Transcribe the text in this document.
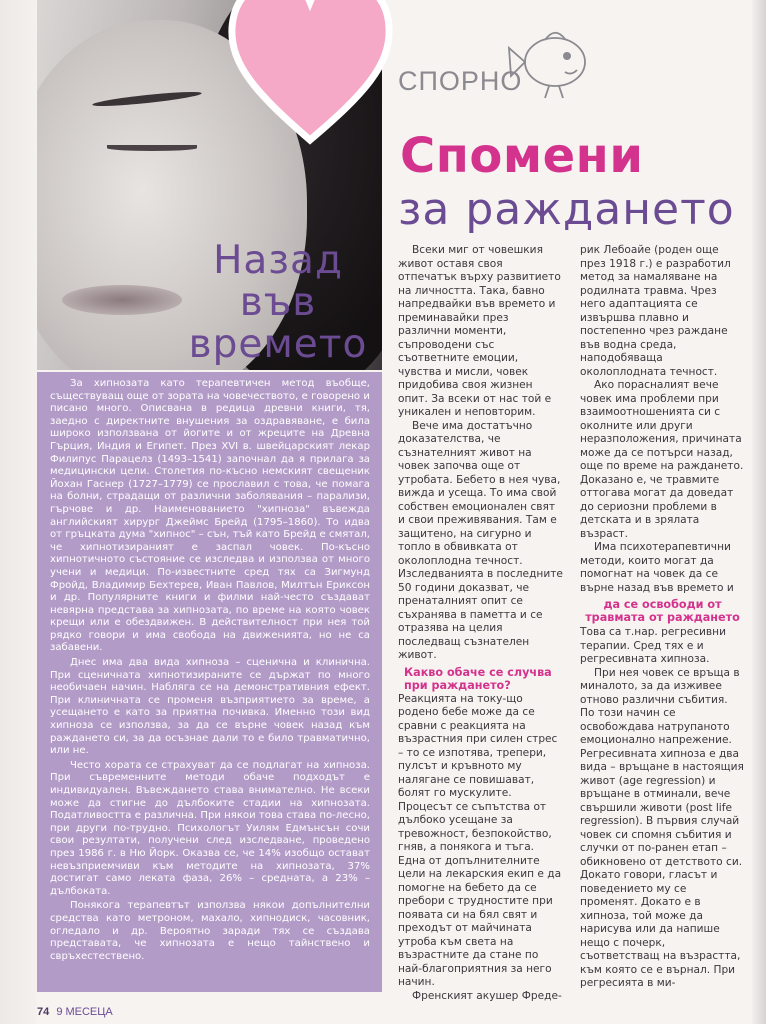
СПОРНО
Спомени
за раждането
Назад
във
времето

За хипнозата като терапевтичен метод въобще, съществуващ още от зората на човечеството, е говорено и писано много. Описвана в редица древни книги, тя, заедно с директните внушения за оздравяване, е била широко използвана от йогите и от жреците на Древна Гърция, Индия и Египет. През XVI в. швейцарският лекар Филипус Парацелз (1493–1541) започнал да я прилага за медицински цели. Столетия по-късно немският свещеник Йохан Гаснер (1727–1779) се прославил с това, че помага на болни, страдащи от различни заболявания – парализи, гърчове и др. Наименованието "хипноза" въвежда английският хирург Джеймс Брейд (1795–1860). То идва от гръцката дума "хипнос" – сън, тъй като Брейд е смятал, че хипнотизираният е заспал човек. По-късно хипнотичното състояние се изследва и използва от много учени и медици. По-известните сред тях са Зигмунд Фройд, Владимир Бехтерев, Иван Павлов, Милтън Ериксон и др. Популярните книги и филми най-често създават невярна представа за хипнозата, по време на която човек крещи или е обездвижен. В действителност при нея той рядко говори и има свобода на движенията, но не са забавени.

Днес има два вида хипноза – сценична и клинична. При сценичната хипнотизираните се държат по много необичаен начин. Набляга се на демонстративния ефект. При клиничната се променя възприятието за време, а усещането е като за приятна почивка. Именно този вид хипноза се използва, за да се върне човек назад към раждането си, за да осъзнае дали то е било травматично, или не.

Често хората се страхуват да се подлагат на хипноза. При съвременните методи обаче подходът е индивидуален. Въвеждането става внимателно. Не всеки може да стигне до дълбоките стадии на хипнозата. Податливостта е различна. При някои това става по-лесно, при други по-трудно. Психологът Уилям Едмънсън сочи свои резултати, получени след изследване, проведено през 1986 г. в Ню Йорк. Оказва се, че 14% изобщо остават невъзприемчиви към методите на хипнозата, 37% достигат само леката фаза, 26% – средната, а 23% – дълбоката.

Понякога терапевтът използва някои допълнителни средства като метроном, махало, хипнодиск, часовник, огледало и др. Вероятно заради тях се създава представата, че хипнозата е нещо тайнствено и свръхестествено.

Всеки миг от човешкия живот оставя своя отпечатък върху развитието на личността. Така, бавно напредвайки във времето и преминавайки през различни моменти, съпроводени със съответните емоции, чувства и мисли, човек придобива своя жизнен опит. За всеки от нас той е уникален и неповторим.

Вече има достатъчно доказателства, че съзнателният живот на човек започва още от утробата. Бебето в нея чува, вижда и усеща. То има свой собствен емоционален свят и свои преживявания. Там е защитено, на сигурно и топло в обвивката от околоплодна течност. Изследванията в последните 50 години доказват, че пренаталният опит се съхранява в паметта и се отразява на целия последващ съзнателен живот.

Какво обаче се случва при раждането?

Реакцията на току-що родено бебе може да се сравни с реакцията на възрастния при силен стрес – то се изпотява, трепери, пулсът и кръвното му налягане се повишават, болят го мускулите. Процесът се съпътства от дълбоко усещане за тревожност, безпокойство, гняв, а понякога и тъга. Една от допълнителните цели на лекарския екип е да помогне на бебето да се пребори с трудностите при появата си на бял свят и преходът от майчината утроба към света на възрастните да стане по най-благоприятния за него начин.

Френският акушер Фреде-

рик Лебоайе (роден още през 1918 г.) е разработил метод за намаляване на родилната травма. Чрез него адаптацията се извършва плавно и постепенно чрез раждане във водна среда, наподобяваща околоплодната течност.

Ако порасналият вече човек има проблеми при взаимоотношенията си с околните или други неразположения, причината може да се потърси назад, още по време на раждането. Доказано е, че травмите оттогава могат да доведат до сериозни проблеми в детската и в зрялата възраст.

Има психотерапевтични методи, които могат да помогнат на човек да се върне назад във времето и

да се освободи от травмата от раждането

Това са т.нар. регресивни терапии. Сред тях е и регресивната хипноза.

При нея човек се връща в миналото, за да изживее отново различни събития. По този начин се освобождава натрупаното емоционално напрежение. Регресивната хипноза е два вида – връщане в настоящия живот (age regression) и връщане в отминали, вече свършили животи (post life regression). В първия случай човек си спомня събития и случки от по-ранен етап – обикновено от детството си. Докато говори, гласът и поведението му се променят. Докато е в хипноза, той може да нарисува или да напише нещо с почерк, съответстващ на възрастта, към която се е върнал. При регресията в ми-

74 9 МЕСЕЦА
